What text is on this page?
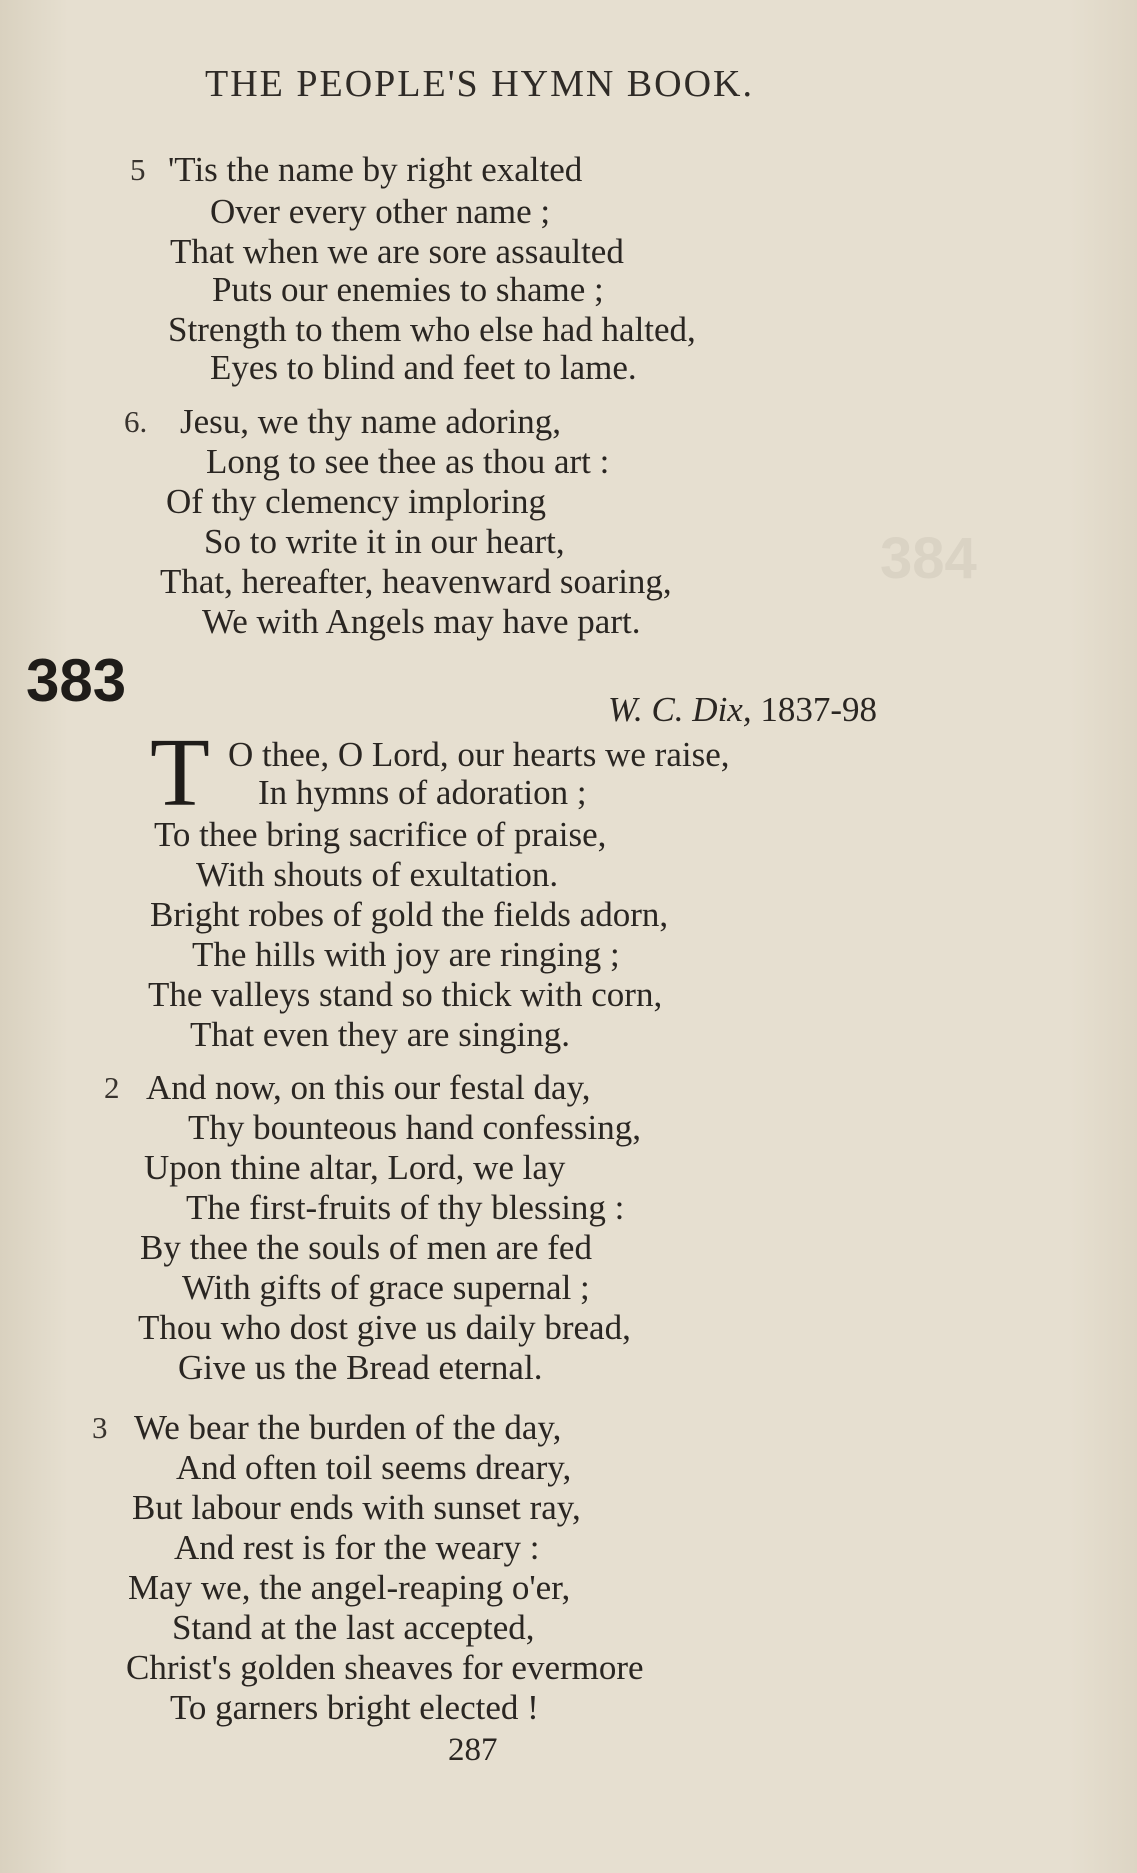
384
THE PEOPLE'S HYMN BOOK.
5 'Tis the name by right exalted
Over every other name ;
That when we are sore assaulted
Puts our enemies to shame ;
Strength to them who else had halted,
Eyes to blind and feet to lame.
6. Jesu, we thy name adoring,
Long to see thee as thou art :
Of thy clemency imploring
So to write it in our heart,
That, hereafter, heavenward soaring,
We with Angels may have part.
383	W. C. Dix, 1837-98
T O thee, O Lord, our hearts we raise,
In hymns of adoration ;
To thee bring sacrifice of praise,
With shouts of exultation.
Bright robes of gold the fields adorn,
The hills with joy are ringing ;
The valleys stand so thick with corn,
That even they are singing.
2 And now, on this our festal day,
Thy bounteous hand confessing,
Upon thine altar, Lord, we lay
The first-fruits of thy blessing :
By thee the souls of men are fed
With gifts of grace supernal ;
Thou who dost give us daily bread,
Give us the Bread eternal.
3 We bear the burden of the day,
And often toil seems dreary,
But labour ends with sunset ray,
And rest is for the weary :
May we, the angel-reaping o'er,
Stand at the last accepted,
Christ's golden sheaves for evermore
To garners bright elected !
287
